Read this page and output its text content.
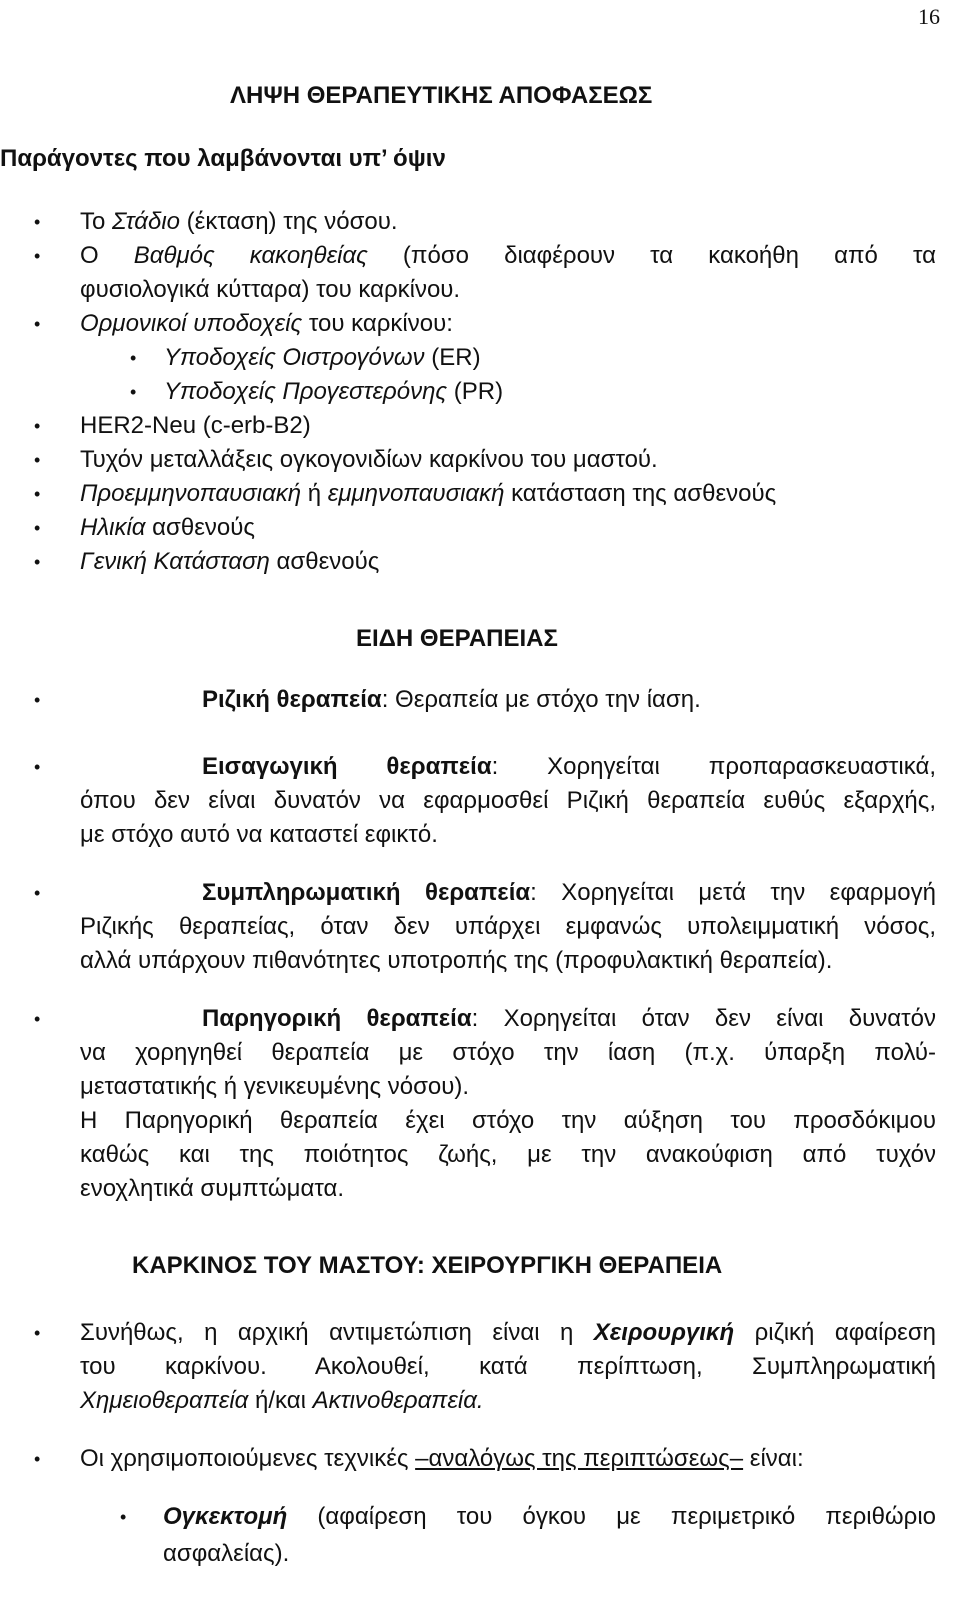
16
ΛΗΨΗ ΘΕΡΑΠΕΥΤΙΚΗΣ ΑΠΟΦΑΣΕΩΣ
Παράγοντες που λαμβάνονται υπ’ όψιν
• Το Στάδιο (έκταση) της νόσου.
• Ο Βαθμός κακοηθείας (πόσο διαφέρουν τα κακοήθη από τα
φυσιολογικά κύτταρα) του καρκίνου.
• Ορμονικοί υποδοχείς του καρκίνου:
• Υποδοχείς Οιστρογόνων (ER)
• Υποδοχείς Προγεστερόνης (PR)
• HER2-Neu (c-erb-B2)
• Τυχόν μεταλλάξεις ογκογονιδίων καρκίνου του μαστού.
• Προεμμηνοπαυσιακή ή εμμηνοπαυσιακή κατάσταση της ασθενούς
• Ηλικία ασθενούς
• Γενική Κατάσταση ασθενούς
ΕΙΔΗ ΘΕΡΑΠΕΙΑΣ
•	Ριζική θεραπεία: Θεραπεία με στόχο την ίαση.
•	Εισαγωγική θεραπεία: Χορηγείται προπαρασκευαστικά,
όπου δεν είναι δυνατόν να εφαρμοσθεί Ριζική θεραπεία ευθύς εξαρχής,
με στόχο αυτό να καταστεί εφικτό.
•	Συμπληρωματική θεραπεία: Χορηγείται μετά την εφαρμογή
Ριζικής θεραπείας, όταν δεν υπάρχει εμφανώς υπολειμματική νόσος,
αλλά υπάρχουν πιθανότητες υποτροπής της (προφυλακτική θεραπεία).
•	Παρηγορική θεραπεία: Χορηγείται όταν δεν είναι δυνατόν
να χορηγηθεί θεραπεία με στόχο την ίαση (π.χ. ύπαρξη πολύ-
μεταστατικής ή γενικευμένης νόσου).
Η Παρηγορική θεραπεία έχει στόχο την αύξηση του προσδόκιμου
καθώς και της ποιότητος ζωής, με την ανακούφιση από τυχόν
ενοχλητικά συμπτώματα.
ΚΑΡΚΙΝΟΣ ΤΟΥ ΜΑΣΤΟΥ: ΧΕΙΡΟΥΡΓΙΚΗ ΘΕΡΑΠΕΙΑ
• Συνήθως, η αρχική αντιμετώπιση είναι η Χειρουργική ριζική αφαίρεση
του καρκίνου. Ακολουθεί, κατά περίπτωση, Συμπληρωματική
Χημειοθεραπεία ή/και Ακτινοθεραπεία.
• Οι χρησιμοποιούμενες τεχνικές –αναλόγως της περιπτώσεως– είναι:
• Ογκεκτομή (αφαίρεση του όγκου με περιμετρικό περιθώριο
ασφαλείας).
